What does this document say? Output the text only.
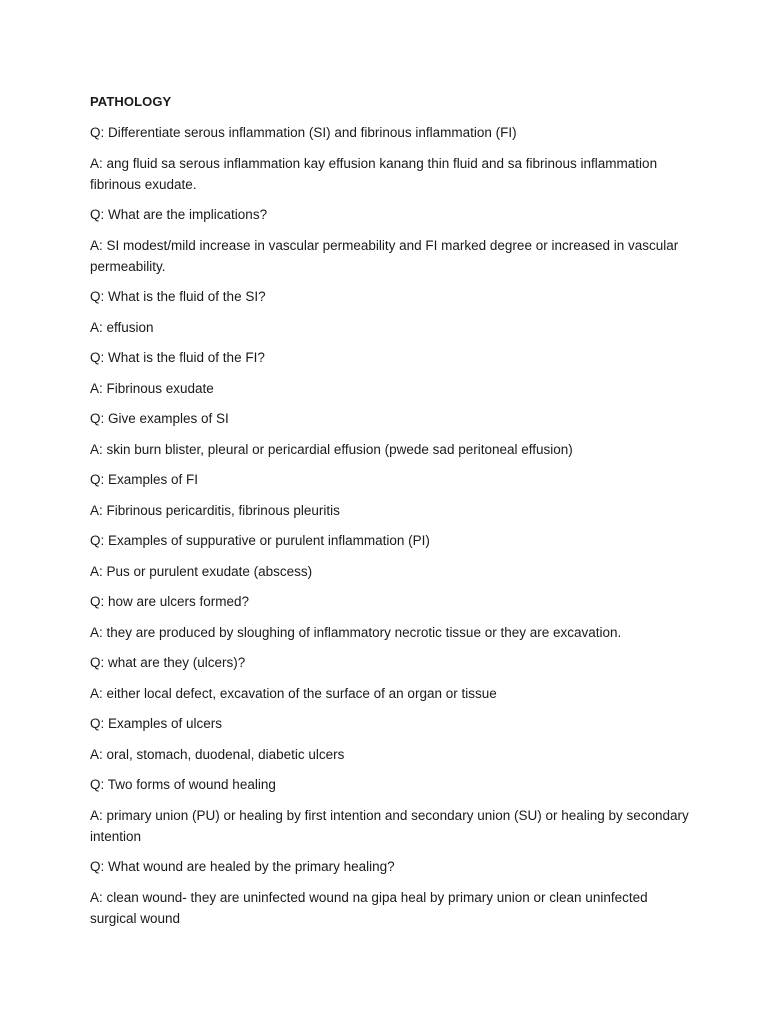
PATHOLOGY

Q: Differentiate serous inflammation (SI) and fibrinous inflammation (FI)

A: ang fluid sa serous inflammation kay effusion kanang thin fluid and sa fibrinous inflammation fibrinous exudate.

Q: What are the implications?

A: SI modest/mild increase in vascular permeability and FI marked degree or increased in vascular permeability.

Q: What is the fluid of the SI?

A: effusion

Q: What is the fluid of the FI?

A: Fibrinous exudate

Q: Give examples of SI

A: skin burn blister, pleural or pericardial effusion (pwede sad peritoneal effusion)

Q: Examples of FI

A: Fibrinous pericarditis, fibrinous pleuritis

Q: Examples of suppurative or purulent inflammation (PI)

A: Pus or purulent exudate (abscess)

Q: how are ulcers formed?

A: they are produced by sloughing of inflammatory necrotic tissue or they are excavation.

Q: what are they (ulcers)?

A: either local defect, excavation of the surface of an organ or tissue

Q: Examples of ulcers

A: oral, stomach, duodenal, diabetic ulcers

Q: Two forms of wound healing

A: primary union (PU) or healing by first intention and secondary union (SU) or healing by secondary intention

Q: What wound are healed by the primary healing?

A: clean wound- they are uninfected wound na gipa heal by primary union or clean uninfected surgical wound
